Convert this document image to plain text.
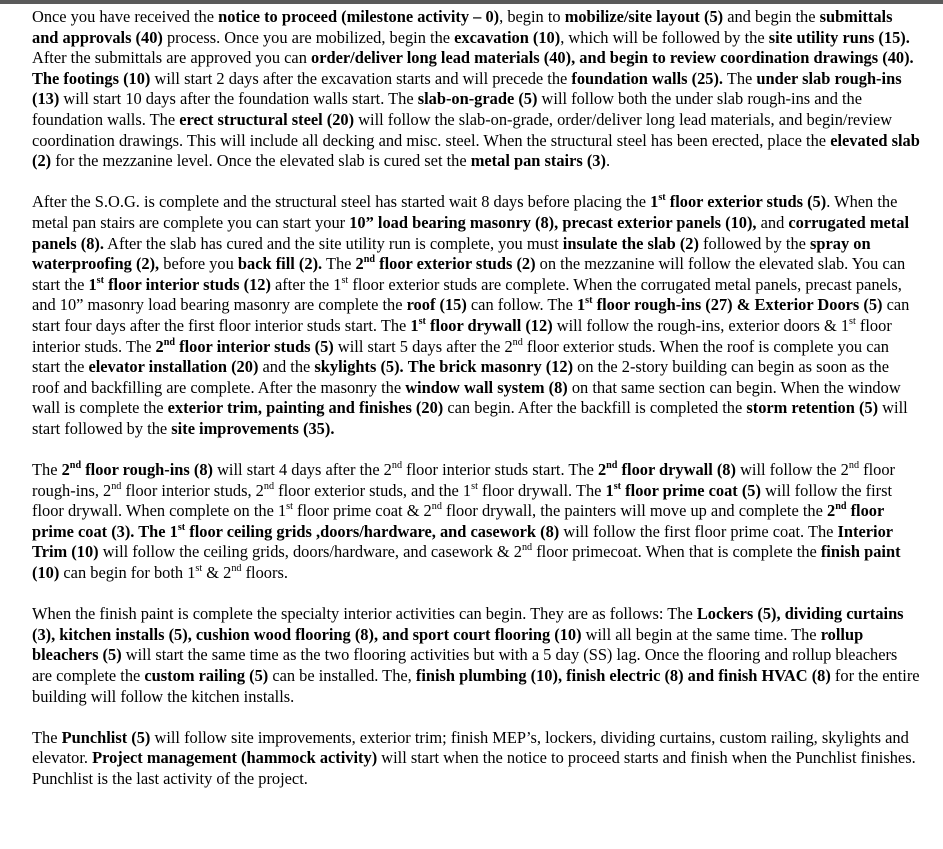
Once you have received the notice to proceed (milestone activity – 0), begin to mobilize/site layout (5) and begin the submittals and approvals (40) process. Once you are mobilized, begin the excavation (10), which will be followed by the site utility runs (15). After the submittals are approved you can order/deliver long lead materials (40), and begin to review coordination drawings (40). The footings (10) will start 2 days after the excavation starts and will precede the foundation walls (25). The under slab rough-ins (13) will start 10 days after the foundation walls start. The slab-on-grade (5) will follow both the under slab rough-ins and the foundation walls. The erect structural steel (20) will follow the slab-on-grade, order/deliver long lead materials, and begin/review coordination drawings. This will include all decking and misc. steel. When the structural steel has been erected, place the elevated slab (2) for the mezzanine level. Once the elevated slab is cured set the metal pan stairs (3).

After the S.O.G. is complete and the structural steel has started wait 8 days before placing the 1st floor exterior studs (5). When the metal pan stairs are complete you can start your 10” load bearing masonry (8), precast exterior panels (10), and corrugated metal panels (8). After the slab has cured and the site utility run is complete, you must insulate the slab (2) followed by the spray on waterproofing (2), before you back fill (2). The 2nd floor exterior studs (2) on the mezzanine will follow the elevated slab. You can start the 1st floor interior studs (12) after the 1st floor exterior studs are complete. When the corrugated metal panels, precast panels, and 10” masonry load bearing masonry are complete the roof (15) can follow. The 1st floor rough-ins (27) & Exterior Doors (5) can start four days after the first floor interior studs start. The 1st floor drywall (12) will follow the rough-ins, exterior doors & 1st floor interior studs. The 2nd floor interior studs (5) will start 5 days after the 2nd floor exterior studs. When the roof is complete you can start the elevator installation (20) and the skylights (5). The brick masonry (12) on the 2-story building can begin as soon as the roof and backfilling are complete. After the masonry the window wall system (8) on that same section can begin. When the window wall is complete the exterior trim, painting and finishes (20) can begin. After the backfill is completed the storm retention (5) will start followed by the site improvements (35).

The 2nd floor rough-ins (8) will start 4 days after the 2nd floor interior studs start. The 2nd floor drywall (8) will follow the 2nd floor rough-ins, 2nd floor interior studs, 2nd floor exterior studs, and the 1st floor drywall. The 1st floor prime coat (5) will follow the first floor drywall. When complete on the 1st floor prime coat & 2nd floor drywall, the painters will move up and complete the 2nd floor prime coat (3). The 1st floor ceiling grids ,doors/hardware, and casework (8) will follow the first floor prime coat. The Interior Trim (10) will follow the ceiling grids, doors/hardware, and casework & 2nd floor primecoat. When that is complete the finish paint (10) can begin for both 1st & 2nd floors.

When the finish paint is complete the specialty interior activities can begin. They are as follows: The Lockers (5), dividing curtains (3), kitchen installs (5), cushion wood flooring (8), and sport court flooring (10) will all begin at the same time. The rollup bleachers (5) will start the same time as the two flooring activities but with a 5 day (SS) lag. Once the flooring and rollup bleachers are complete the custom railing (5) can be installed. The, finish plumbing (10), finish electric (8) and finish HVAC (8) for the entire building will follow the kitchen installs.

The Punchlist (5) will follow site improvements, exterior trim; finish MEP’s, lockers, dividing curtains, custom railing, skylights and elevator. Project management (hammock activity) will start when the notice to proceed starts and finish when the Punchlist finishes. Punchlist is the last activity of the project.
